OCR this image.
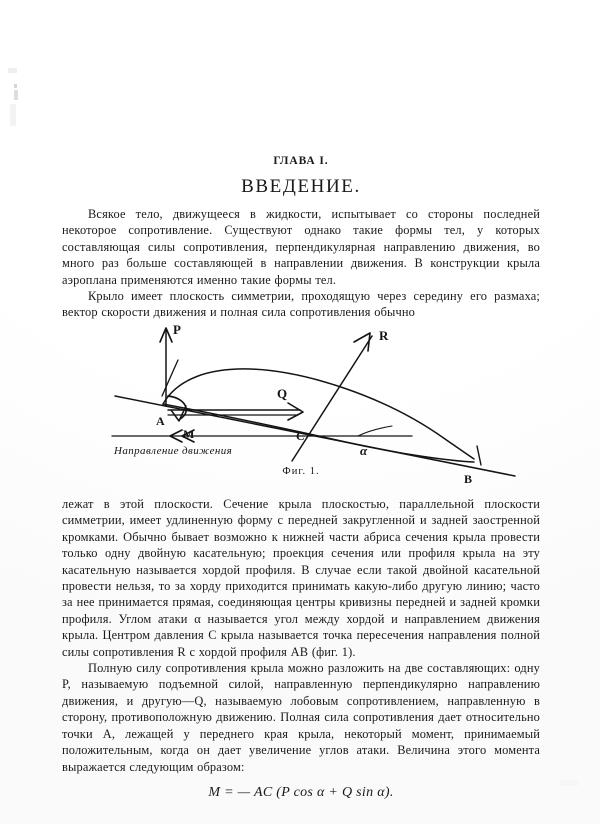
ГЛАВА I.
ВВЕДЕНИЕ.

Всякое тело, движущееся в жидкости, испытывает со стороны последней некоторое сопротивление. Существуют однако такие формы тел, у которых составляющая силы сопротивления, перпендикулярная направлению движения, во много раз больше составляющей в направлении движения. В конструкции крыла аэроплана применяются именно такие формы тел.

Крыло имеет плоскость симметрии, проходящую через середину его размаха; вектор скорости движения и полная сила сопротивления обычно

P	R
Q
A
M	C
B
α
Направление движения
Фиг. 1.

лежат в этой плоскости. Сечение крыла плоскостью, параллельной плоскости симметрии, имеет удлиненную форму с передней закругленной и задней заостренной кромками. Обычно бывает возможно к нижней части абриса сечения крыла провести только одну двойную касательную; проекция сечения или профиля крыла на эту касательную называется хордой профиля. В случае если такой двойной касательной провести нельзя, то за хорду приходится принимать какую-либо другую линию; часто за нее принимается прямая, соединяющая центры кривизны передней и задней кромки профиля. Углом атаки α называется угол между хордой и направлением движения крыла. Центром давления C крыла называется точка пересечения направления полной силы сопротивления R с хордой профиля AB (фиг. 1).

Полную силу сопротивления крыла можно разложить на две составляющих: одну P, называемую подъемной силой, направленную перпендикулярно направлению движения, и другую—Q, называемую лобовым сопротивлением, направленную в сторону, противоположную движению. Полная сила сопротивления дает относительно точки A, лежащей у переднего края крыла, некоторый момент, принимаемый положительным, когда он дает увеличение углов атаки. Величина этого момента выражается следующим образом:

M = — AC (P cos α + Q sin α).
